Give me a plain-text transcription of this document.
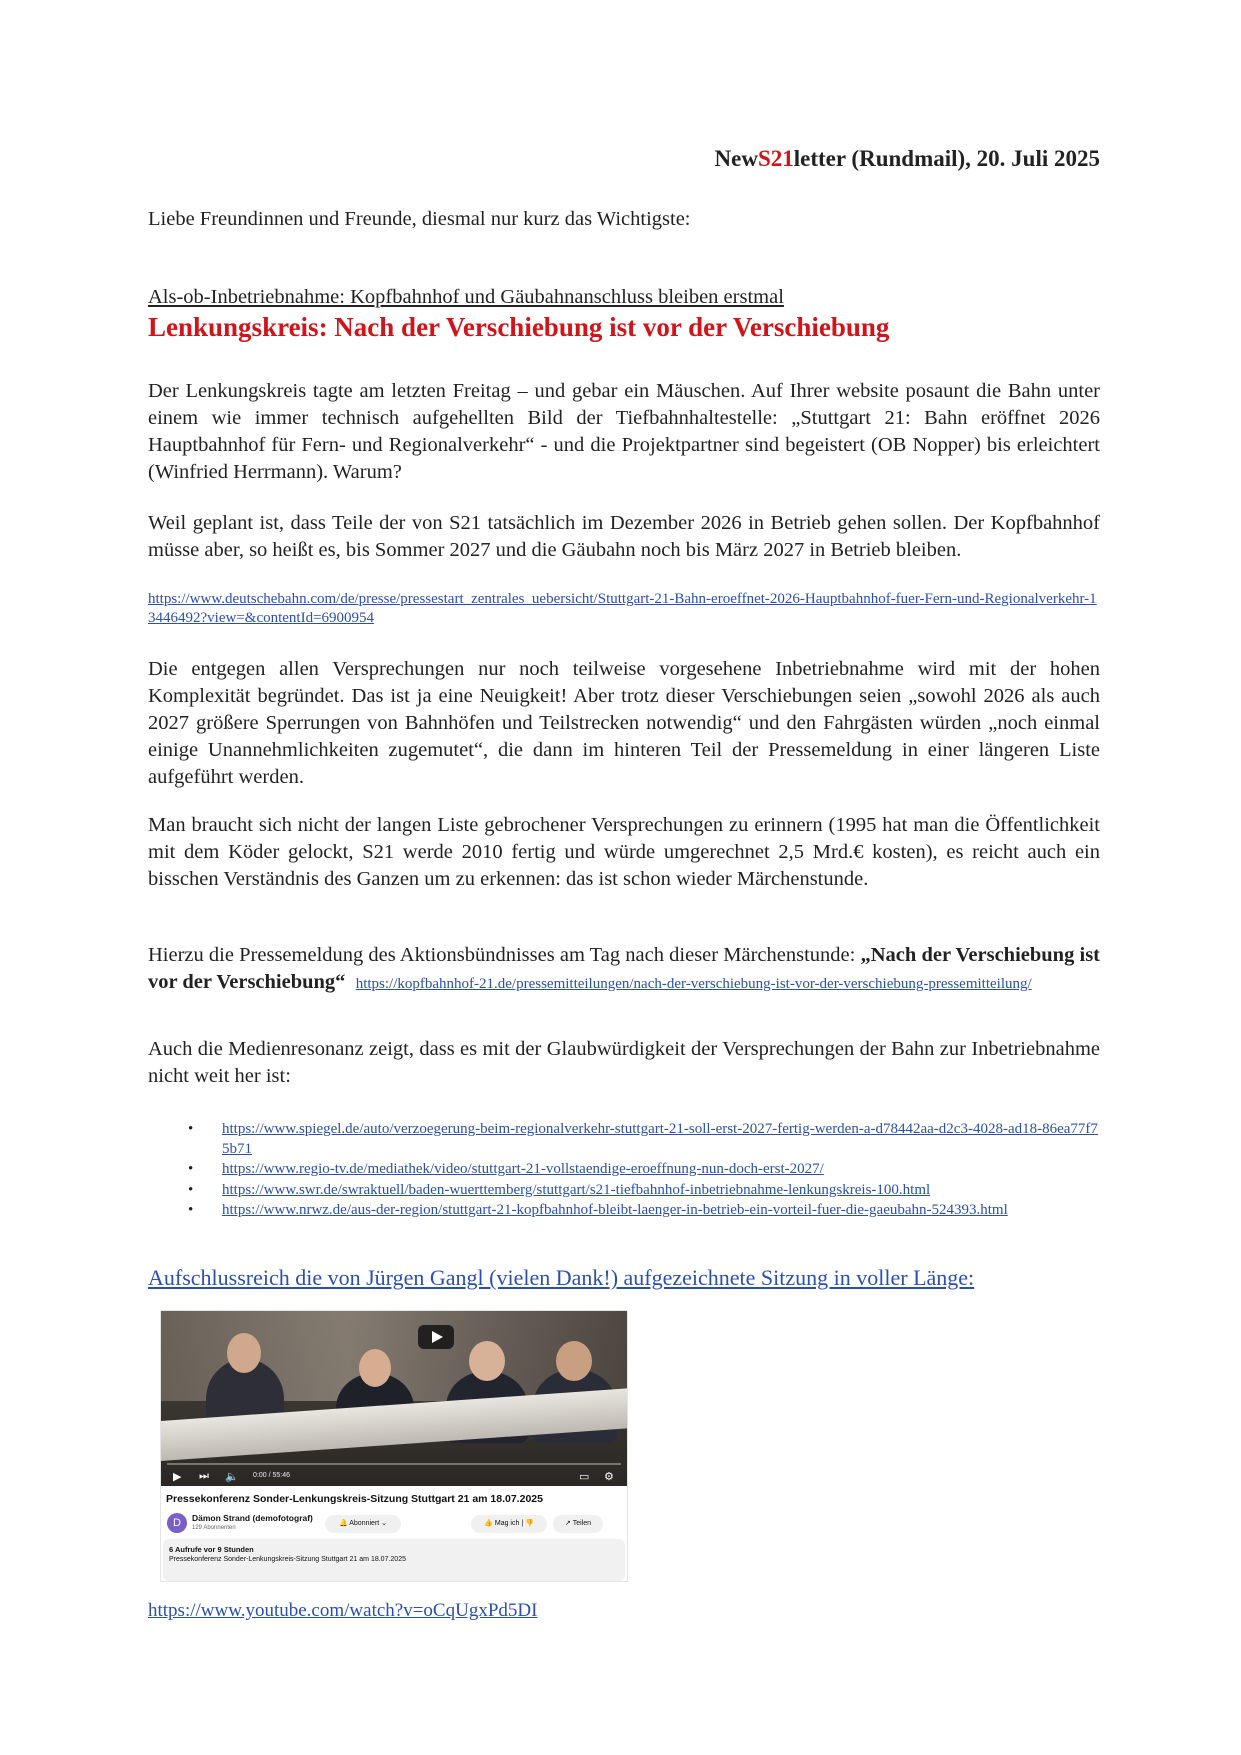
NewS21letter (Rundmail), 20. Juli 2025

Liebe Freundinnen und Freunde, diesmal nur kurz das Wichtigste:

Als-ob-Inbetriebnahme: Kopfbahnhof und Gäubahnanschluss bleiben erstmal
Lenkungskreis: Nach der Verschiebung ist vor der Verschiebung

Der Lenkungskreis tagte am letzten Freitag – und gebar ein Mäuschen. Auf Ihrer website posaunt die Bahn unter einem wie immer technisch aufgehellten Bild der Tiefbahnhaltestelle: „Stuttgart 21: Bahn eröffnet 2026 Hauptbahnhof für Fern- und Regionalverkehr“ - und die Projektpartner sind begeistert (OB Nopper) bis erleichtert (Winfried Herrmann). Warum?

Weil geplant ist, dass Teile der von S21 tatsächlich im Dezember 2026 in Betrieb gehen sollen. Der Kopfbahnhof müsse aber, so heißt es, bis Sommer 2027 und die Gäubahn noch bis März 2027 in Betrieb bleiben.

https://www.deutschebahn.com/de/presse/pressestart_zentrales_uebersicht/Stuttgart-21-Bahn-eroeffnet-2026-Hauptbahnhof-fuer-Fern-und-Regionalverkehr-13446492?view=&contentId=6900954

Die entgegen allen Versprechungen nur noch teilweise vorgesehene Inbetriebnahme wird mit der hohen Komplexität begründet. Das ist ja eine Neuigkeit! Aber trotz dieser Verschiebungen seien „sowohl 2026 als auch 2027 größere Sperrungen von Bahnhöfen und Teilstrecken notwendig“ und den Fahrgästen würden „noch einmal einige Unannehmlichkeiten zugemutet“, die dann im hinteren Teil der Pressemeldung in einer längeren Liste aufgeführt werden.

Man braucht sich nicht der langen Liste gebrochener Versprechungen zu erinnern (1995 hat man die Öffentlichkeit mit dem Köder gelockt, S21 werde 2010 fertig und würde umgerechnet 2,5 Mrd.€ kosten), es reicht auch ein bisschen Verständnis des Ganzen um zu erkennen: das ist schon wieder Märchenstunde.

Hierzu die Pressemeldung des Aktionsbündnisses am Tag nach dieser Märchenstunde: „Nach der Verschiebung ist vor der Verschiebung“ https://kopfbahnhof-21.de/pressemitteilungen/nach-der-verschiebung-ist-vor-der-verschiebung-pressemitteilung/

Auch die Medienresonanz zeigt, dass es mit der Glaubwürdigkeit der Versprechungen der Bahn zur Inbetriebnahme nicht weit her ist:

• https://www.spiegel.de/auto/verzoegerung-beim-regionalverkehr-stuttgart-21-soll-erst-2027-fertig-werden-a-d78442aa-d2c3-4028-ad18-86ea77f75b71
• https://www.regio-tv.de/mediathek/video/stuttgart-21-vollstaendige-eroeffnung-nun-doch-erst-2027/
• https://www.swr.de/swraktuell/baden-wuerttemberg/stuttgart/s21-tiefbahnhof-inbetriebnahme-lenkungskreis-100.html
• https://www.nrwz.de/aus-der-region/stuttgart-21-kopfbahnhof-bleibt-laenger-in-betrieb-ein-vorteil-fuer-die-gaeubahn-524393.html
Aufschlussreich die von Jürgen Gangl (vielen Dank!) aufgezeichnete Sitzung in voller Länge:
▶ ⏭ 🔈 0:00 / 55:46	▭ ⚙
Pressekonferenz Sonder-Lenkungskreis-Sitzung Stuttgart 21 am 18.07.2025
D	Dämon Strand (demofotograf)
129 Abonnenten
🔔 Abonniert ⌄	👍 Mag ich | 👎	↗ Teilen
6 Aufrufe vor 9 Stunden
Pressekonferenz Sonder-Lenkungskreis-Sitzung Stuttgart 21 am 18.07.2025
https://www.youtube.com/watch?v=oCqUgxPd5DI
